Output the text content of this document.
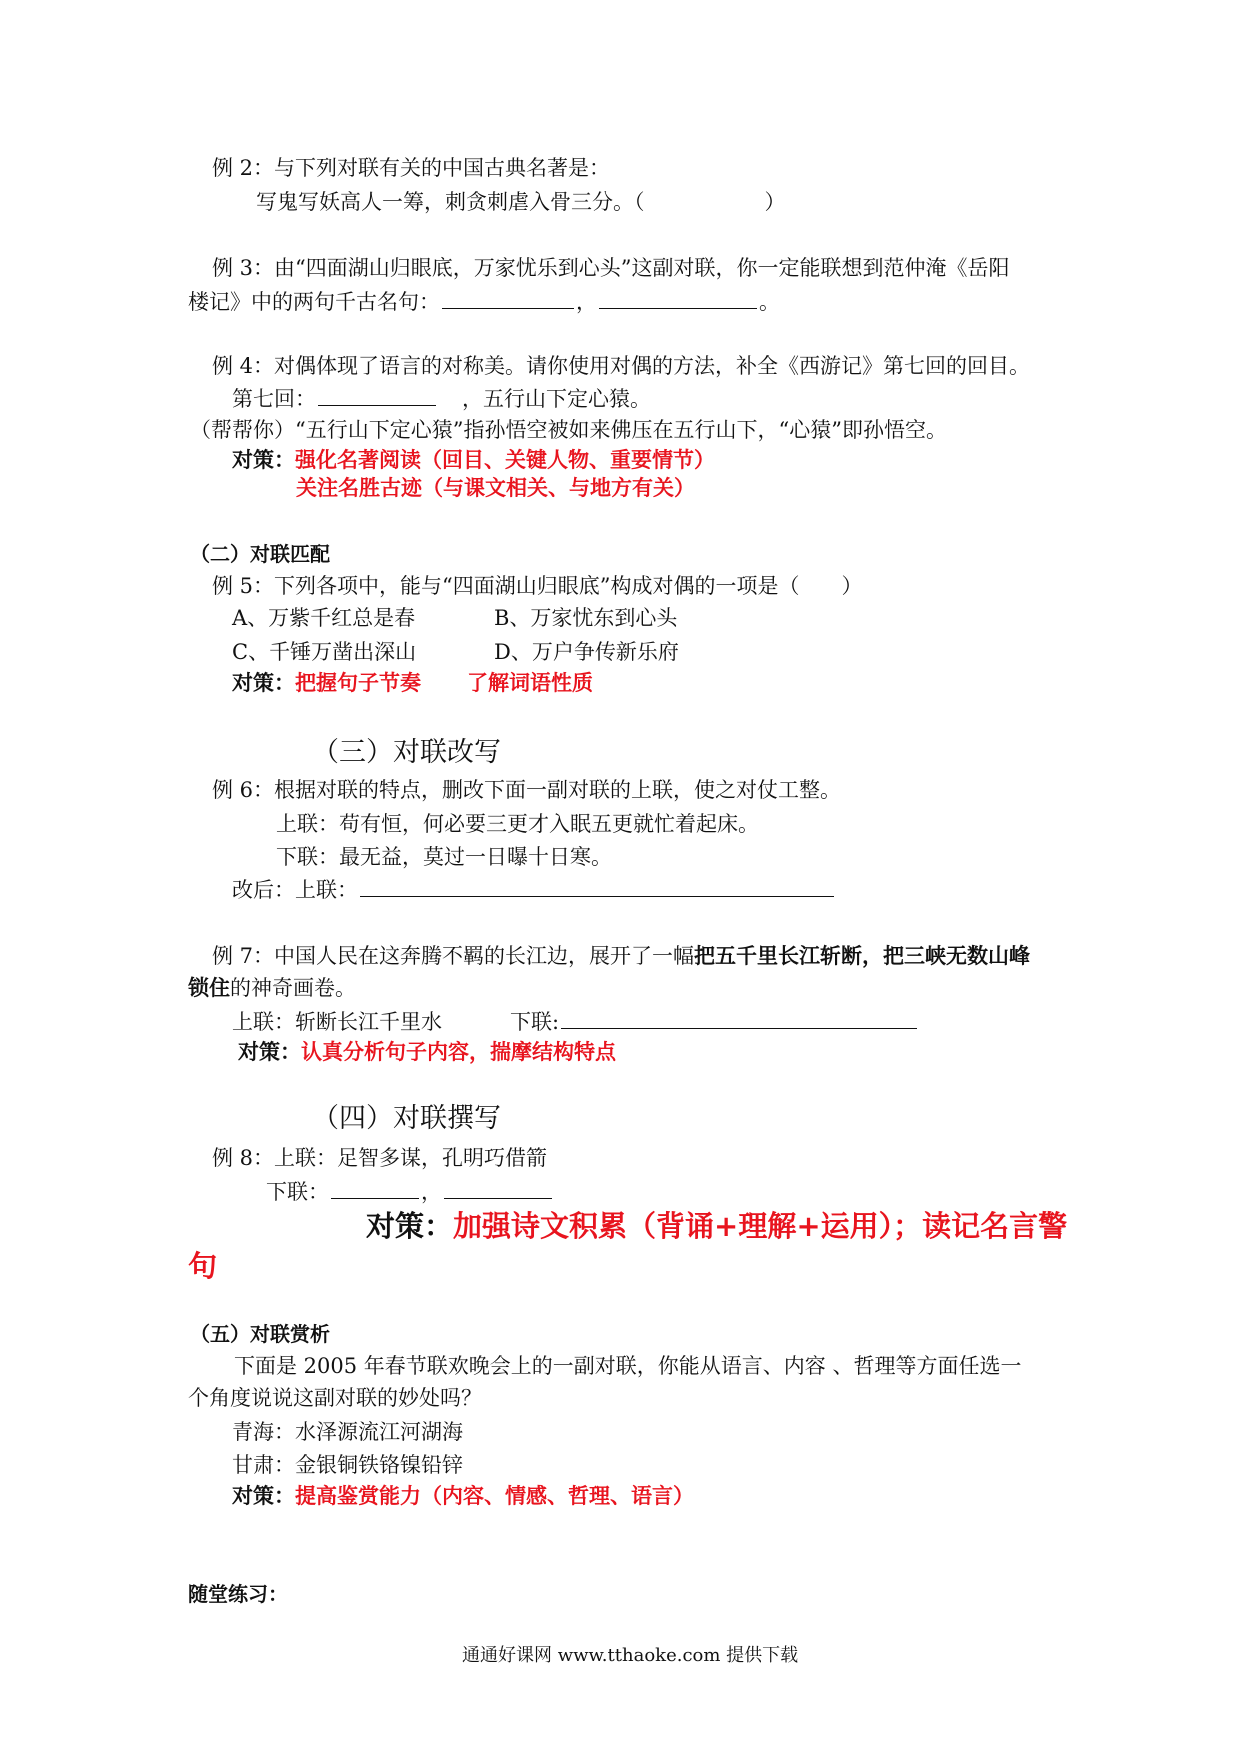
例 2：与下列对联有关的中国古典名著是：
写鬼写妖高人一筹，刺贪刺虐入骨三分。（	）
例 3：由“四面湖山归眼底，万家忧乐到心头”这副对联，你一定能联想到范仲淹《岳阳
楼记》中的两句千古名句：	，	。
例 4：对偶体现了语言的对称美。请你使用对偶的方法，补全《西游记》第七回的回目。
第七回：	，五行山下定心猿。
（帮帮你）“五行山下定心猿”指孙悟空被如来佛压在五行山下，“心猿”即孙悟空。
对策：强化名著阅读（回目、关键人物、重要情节）
关注名胜古迹（与课文相关、与地方有关）
（二）对联匹配
例 5：下列各项中，能与“四面湖山归眼底”构成对偶的一项是（　　）
A、万紫千红总是春	B、万家忧东到心头
C、千锤万凿出深山	D、万户争传新乐府
对策：把握句子节奏 了解词语性质
（三）对联改写
例 6：根据对联的特点，删改下面一副对联的上联，使之对仗工整。
上联：苟有恒，何必要三更才入眠五更就忙着起床。
下联：最无益，莫过一日曝十日寒。
改后：上联：
例 7：中国人民在这奔腾不羁的长江边，展开了一幅把五千里长江斩断，把三峡无数山峰
锁住的神奇画卷。
上联：斩断长江千里水	下联:
对策：认真分析句子内容，揣摩结构特点
（四）对联撰写
例 8：上联：足智多谋，孔明巧借箭
下联：	，
对策：加强诗文积累（背诵+理解+运用）；读记名言警
句
（五）对联赏析
下面是 2005 年春节联欢晚会上的一副对联，你能从语言、内容 、哲理等方面任选一
个角度说说这副对联的妙处吗？
青海：水泽源流江河湖海
甘肃：金银铜铁铬镍铅锌
对策：提高鉴赏能力（内容、情感、哲理、语言）
随堂练习：
通通好课网 www.tthaoke.com 提供下载
